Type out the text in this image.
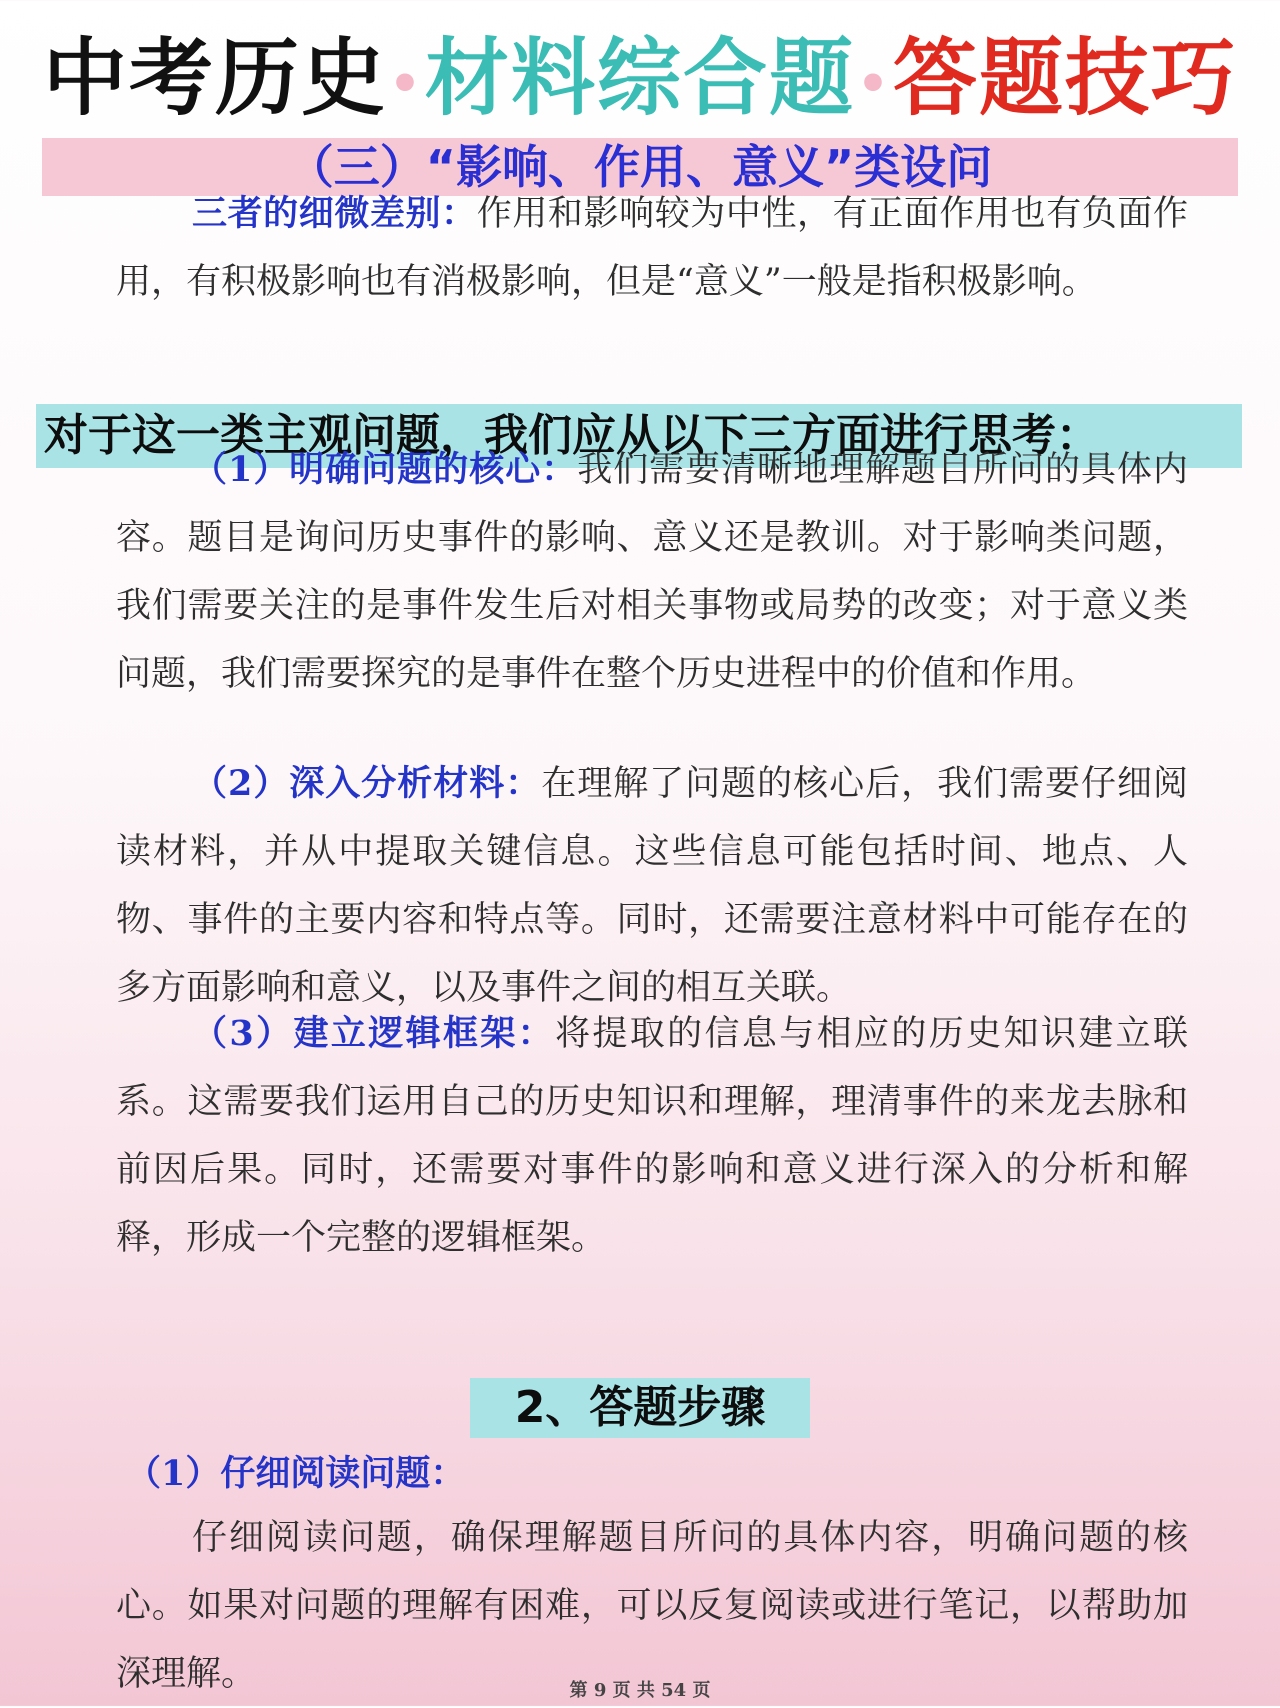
中考历史•材料综合题•答题技巧
（三）“影响、作用、意义”类设问
三者的细微差别：作用和影响较为中性，有正面作用也有负面作用，有积极影响也有消极影响，但是“意义”一般是指积极影响。
对于这一类主观问题，我们应从以下三方面进行思考：
（1）明确问题的核心：我们需要清晰地理解题目所问的具体内容。题目是询问历史事件的影响、意义还是教训。对于影响类问题，我们需要关注的是事件发生后对相关事物或局势的改变；对于意义类问题，我们需要探究的是事件在整个历史进程中的价值和作用。
（2）深入分析材料：在理解了问题的核心后，我们需要仔细阅读材料，并从中提取关键信息。这些信息可能包括时间、地点、人物、事件的主要内容和特点等。同时，还需要注意材料中可能存在的多方面影响和意义，以及事件之间的相互关联。
（3）建立逻辑框架：将提取的信息与相应的历史知识建立联系。这需要我们运用自己的历史知识和理解，理清事件的来龙去脉和前因后果。同时，还需要对事件的影响和意义进行深入的分析和解释，形成一个完整的逻辑框架。
2、答题步骤
（1）仔细阅读问题：
仔细阅读问题，确保理解题目所问的具体内容，明确问题的核心。如果对问题的理解有困难，可以反复阅读或进行笔记，以帮助加深理解。	第 9 页 共 54 页
